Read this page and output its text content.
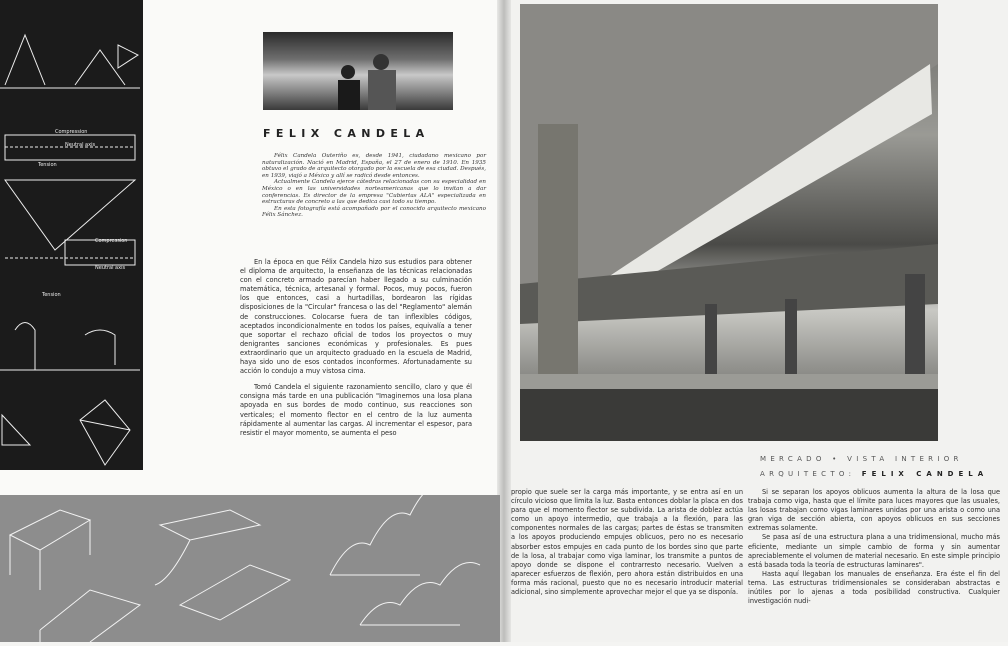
Compression
Neutral axis
Tension
Compression
Neutral axis
Tension
FELIX CANDELA

Félix Candela Outeriño es, desde 1941, ciudadano mexicano por naturalización. Nació en Madrid, España, el 27 de enero de 1910. En 1935 obtuvo el grado de arquitecto otorgado por la escuela de esa ciudad. Después, en 1939, viajó a México y allí se radicó desde entonces.

Actualmente Candela ejerce cátedras relacionadas con su especialidad en México o en las universidades norteamericanas que lo invitan a dar conferencias. Es director de la empresa "Cubiertas ALA" especializada en estructuras de concreto a las que dedica casi todo su tiempo.

En esta fotografía está acompañado por el conocido arquitecto mexicano Félix Sánchez.

En la época en que Félix Candela hizo sus estudios para obtener el diploma de arquitecto, la enseñanza de las técnicas relacionadas con el concreto armado parecían haber llegado a su culminación matemática, técnica, artesanal y formal. Pocos, muy pocos, fueron los que entonces, casi a hurtadillas, bordearon las rígidas disposiciones de la "Circular" francesa o las del "Reglamento" alemán de construcciones. Colocarse fuera de tan inflexibles códigos, aceptados incondicionalmente en todos los países, equivalía a tener que soportar el rechazo oficial de todos los proyectos o muy denigrantes sanciones económicas y profesionales. Es pues extraordinario que un arquitecto graduado en la escuela de Madrid, haya sido uno de esos contados inconformes. Afortunadamente su acción lo condujo a muy vistosa cima.

Tomó Candela el siguiente razonamiento sencillo, claro y que él consigna más tarde en una publicación "Imaginemos una losa plana apoyada en sus bordes de modo continuo, sus reacciones son verticales; el momento flector en el centro de la luz aumenta rápidamente al aumentar las cargas. Al incrementar el espesor, para resistir el mayor momento, se aumenta el peso

MERCADO • VISTA INTERIOR
ARQUITECTO: FELIX CANDELA

propio que suele ser la carga más importante, y se entra así en un círculo vicioso que limita la luz. Basta entonces doblar la placa en dos para que el momento flector se subdivida. La arista de doblez actúa como un apoyo intermedio, que trabaja a la flexión, para las componentes normales de las cargas; partes de éstas se transmiten a los apoyos produciendo empujes oblicuos, pero no es necesario absorber estos empujes en cada punto de los bordes sino que parte de la losa, al trabajar como viga laminar, los transmite a puntos de apoyo donde se dispone el contrarresto necesario. Vuelven a aparecer esfuerzos de flexión, pero ahora están distribuidos en una forma más racional, puesto que no es necesario introducir material adicional, sino simplemente aprovechar mejor el que ya se disponía.

Si se separan los apoyos oblicuos aumenta la altura de la losa que trabaja como viga, hasta que el límite para luces mayores que las usuales, las losas trabajan como vigas laminares unidas por una arista o como una gran viga de sección abierta, con apoyos oblicuos en sus secciones extremas solamente.

Se pasa así de una estructura plana a una tridimensional, mucho más eficiente, mediante un simple cambio de forma y sin aumentar apreciablemente el volumen de material necesario. En este simple principio está basada toda la teoría de estructuras laminares".

Hasta aquí llegaban los manuales de enseñanza. Era éste el fin del tema. Las estructuras tridimensionales se consideraban abstractas e inútiles por lo ajenas a toda posibilidad constructiva. Cualquier investigación nudi-
